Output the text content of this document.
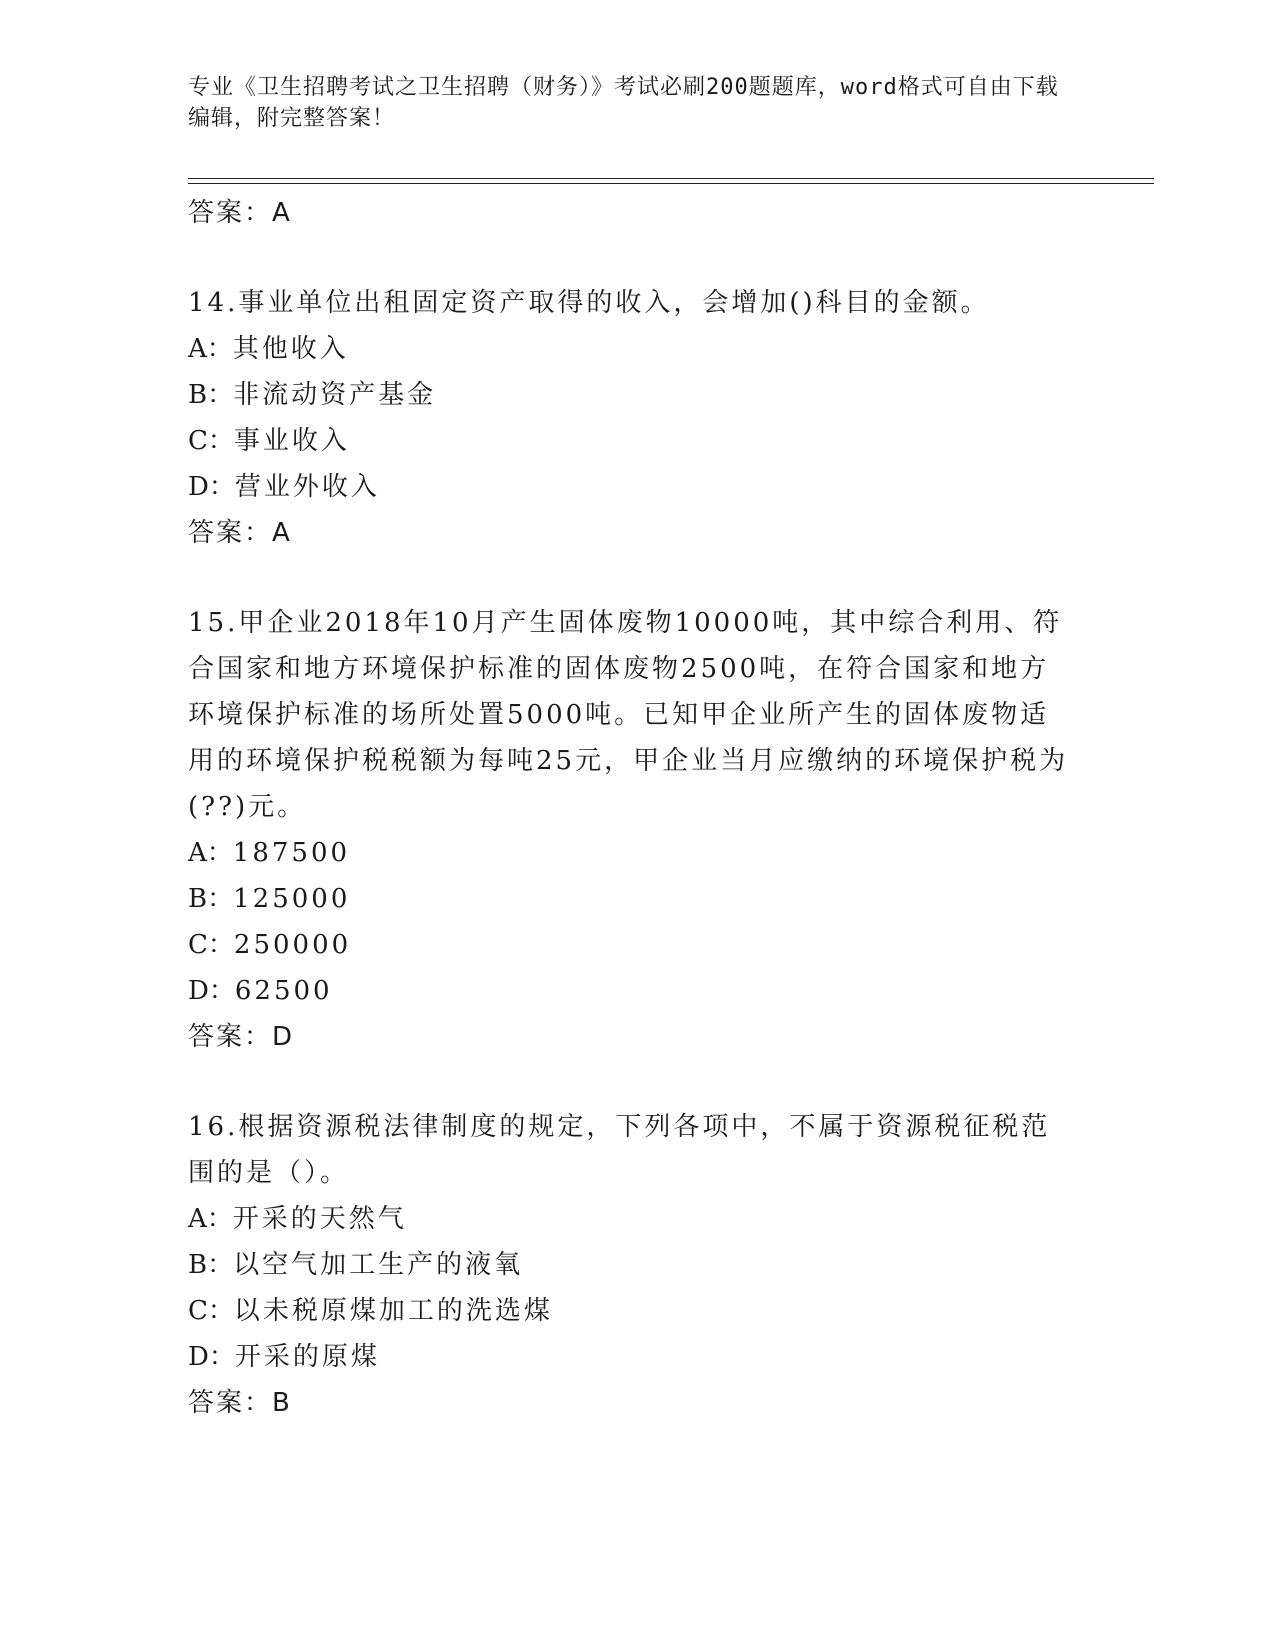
专业《卫生招聘考试之卫生招聘（财务）》考试必刷200题题库，word格式可自由下载编辑，附完整答案！
答案：A
14.事业单位出租固定资产取得的收入，会增加()科目的金额。
A：其他收入
B：非流动资产基金
C：事业收入
D：营业外收入
答案：A
15.甲企业2018年10月产生固体废物10000吨，其中综合利用、符合国家和地方环境保护标准的固体废物2500吨，在符合国家和地方环境保护标准的场所处置5000吨。已知甲企业所产生的固体废物适用的环境保护税税额为每吨25元，甲企业当月应缴纳的环境保护税为(??)元。
A：187500
B：125000
C：250000
D：62500
答案：D
16.根据资源税法律制度的规定，下列各项中，不属于资源税征税范围的是（）。
A：开采的天然气
B：以空气加工生产的液氧
C：以未税原煤加工的洗选煤
D：开采的原煤
答案：B
